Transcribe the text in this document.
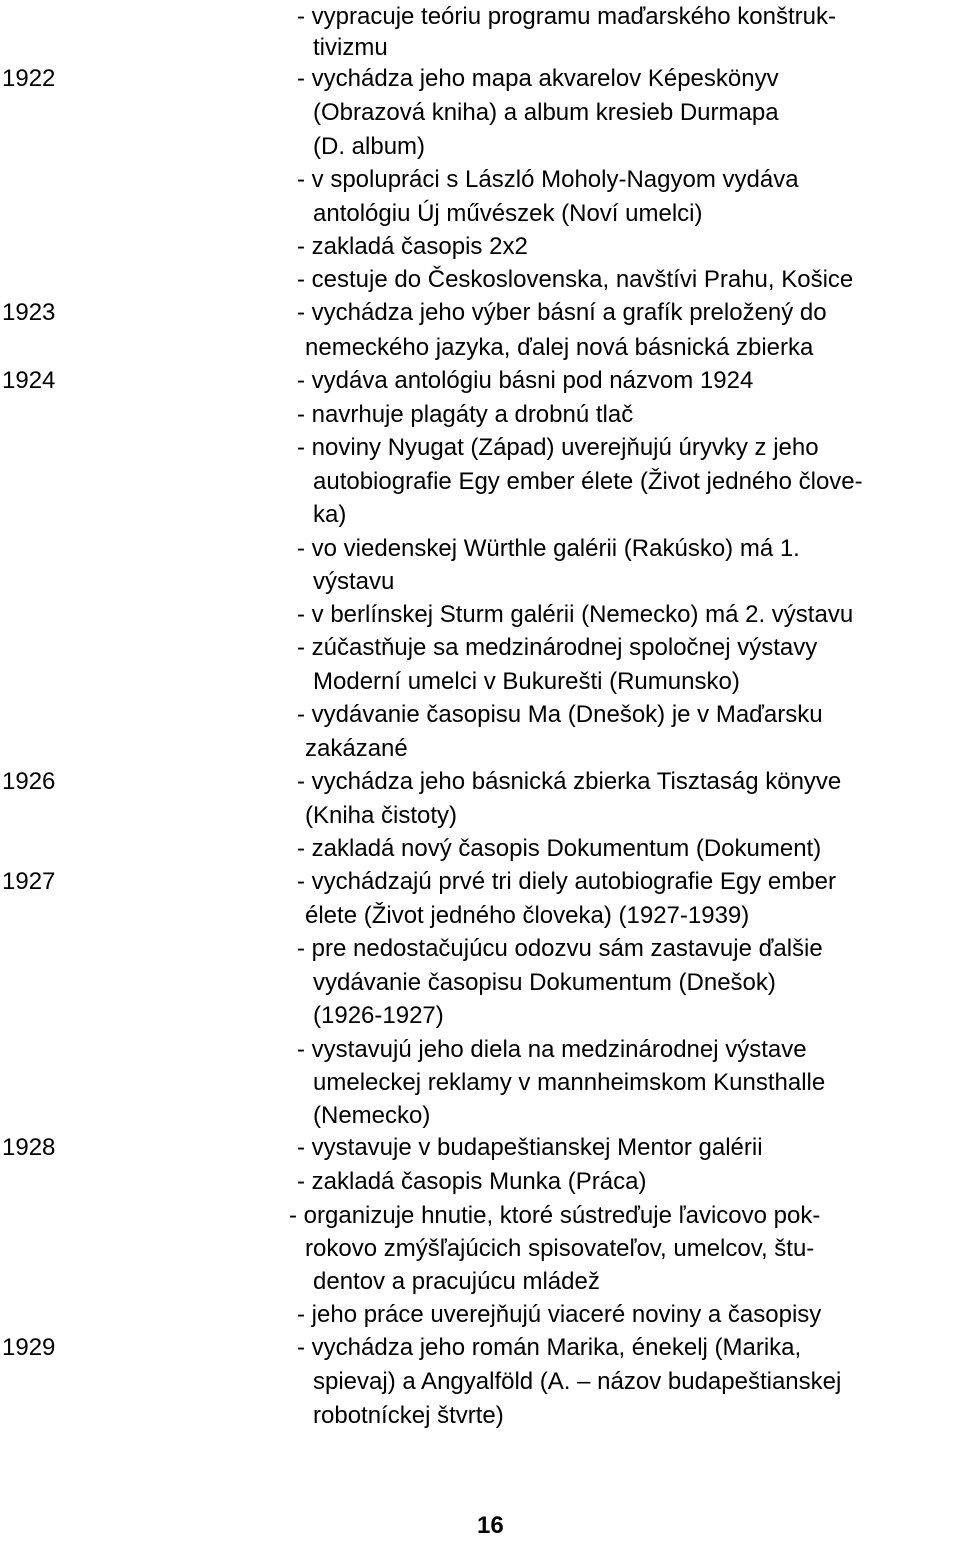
1922
1923
1924
1926
1927
1928
1929
- vypracuje teóriu programu maďarského konštruk-
tivizmu
- vychádza jeho mapa akvarelov Képeskönyv
(Obrazová kniha) a album kresieb Durmapa
(D. album)
- v spolupráci s László Moholy-Nagyom vydáva
antológiu Új művészek (Noví umelci)
- zakladá časopis 2x2
- cestuje do Československa, navštívi Prahu, Košice
- vychádza jeho výber básní a grafík preložený do
nemeckého jazyka, ďalej nová básnická zbierka
- vydáva antológiu básni pod názvom 1924
- navrhuje plagáty a drobnú tlač
- noviny Nyugat (Západ) uverejňujú úryvky z jeho
autobiografie Egy ember élete (Život jedného člove-
ka)
- vo viedenskej Würthle galérii (Rakúsko) má 1.
výstavu
- v berlínskej Sturm galérii (Nemecko) má 2. výstavu
- zúčastňuje sa medzinárodnej spoločnej výstavy
Moderní umelci v Bukurešti (Rumunsko)
- vydávanie časopisu Ma (Dnešok) je v Maďarsku
zakázané
- vychádza jeho básnická zbierka Tisztaság könyve
(Kniha čistoty)
- zakladá nový časopis Dokumentum (Dokument)
- vychádzajú prvé tri diely autobiografie Egy ember
élete (Život jedného človeka) (1927-1939)
- pre nedostačujúcu odozvu sám zastavuje ďalšie
vydávanie časopisu Dokumentum (Dnešok)
(1926-1927)
- vystavujú jeho diela na medzinárodnej výstave
umeleckej reklamy v mannheimskom Kunsthalle
(Nemecko)
- vystavuje v budapeštianskej Mentor galérii
- zakladá časopis Munka (Práca)
- organizuje hnutie, ktoré sústreďuje ľavicovo pok-
rokovo zmýšľajúcich spisovateľov, umelcov, štu-
dentov a pracujúcu mládež
- jeho práce uverejňujú viaceré noviny a časopisy
- vychádza jeho román Marika, énekelj (Marika,
spievaj) a Angyalföld (A. – názov budapeštianskej
robotníckej štvrte)
16
